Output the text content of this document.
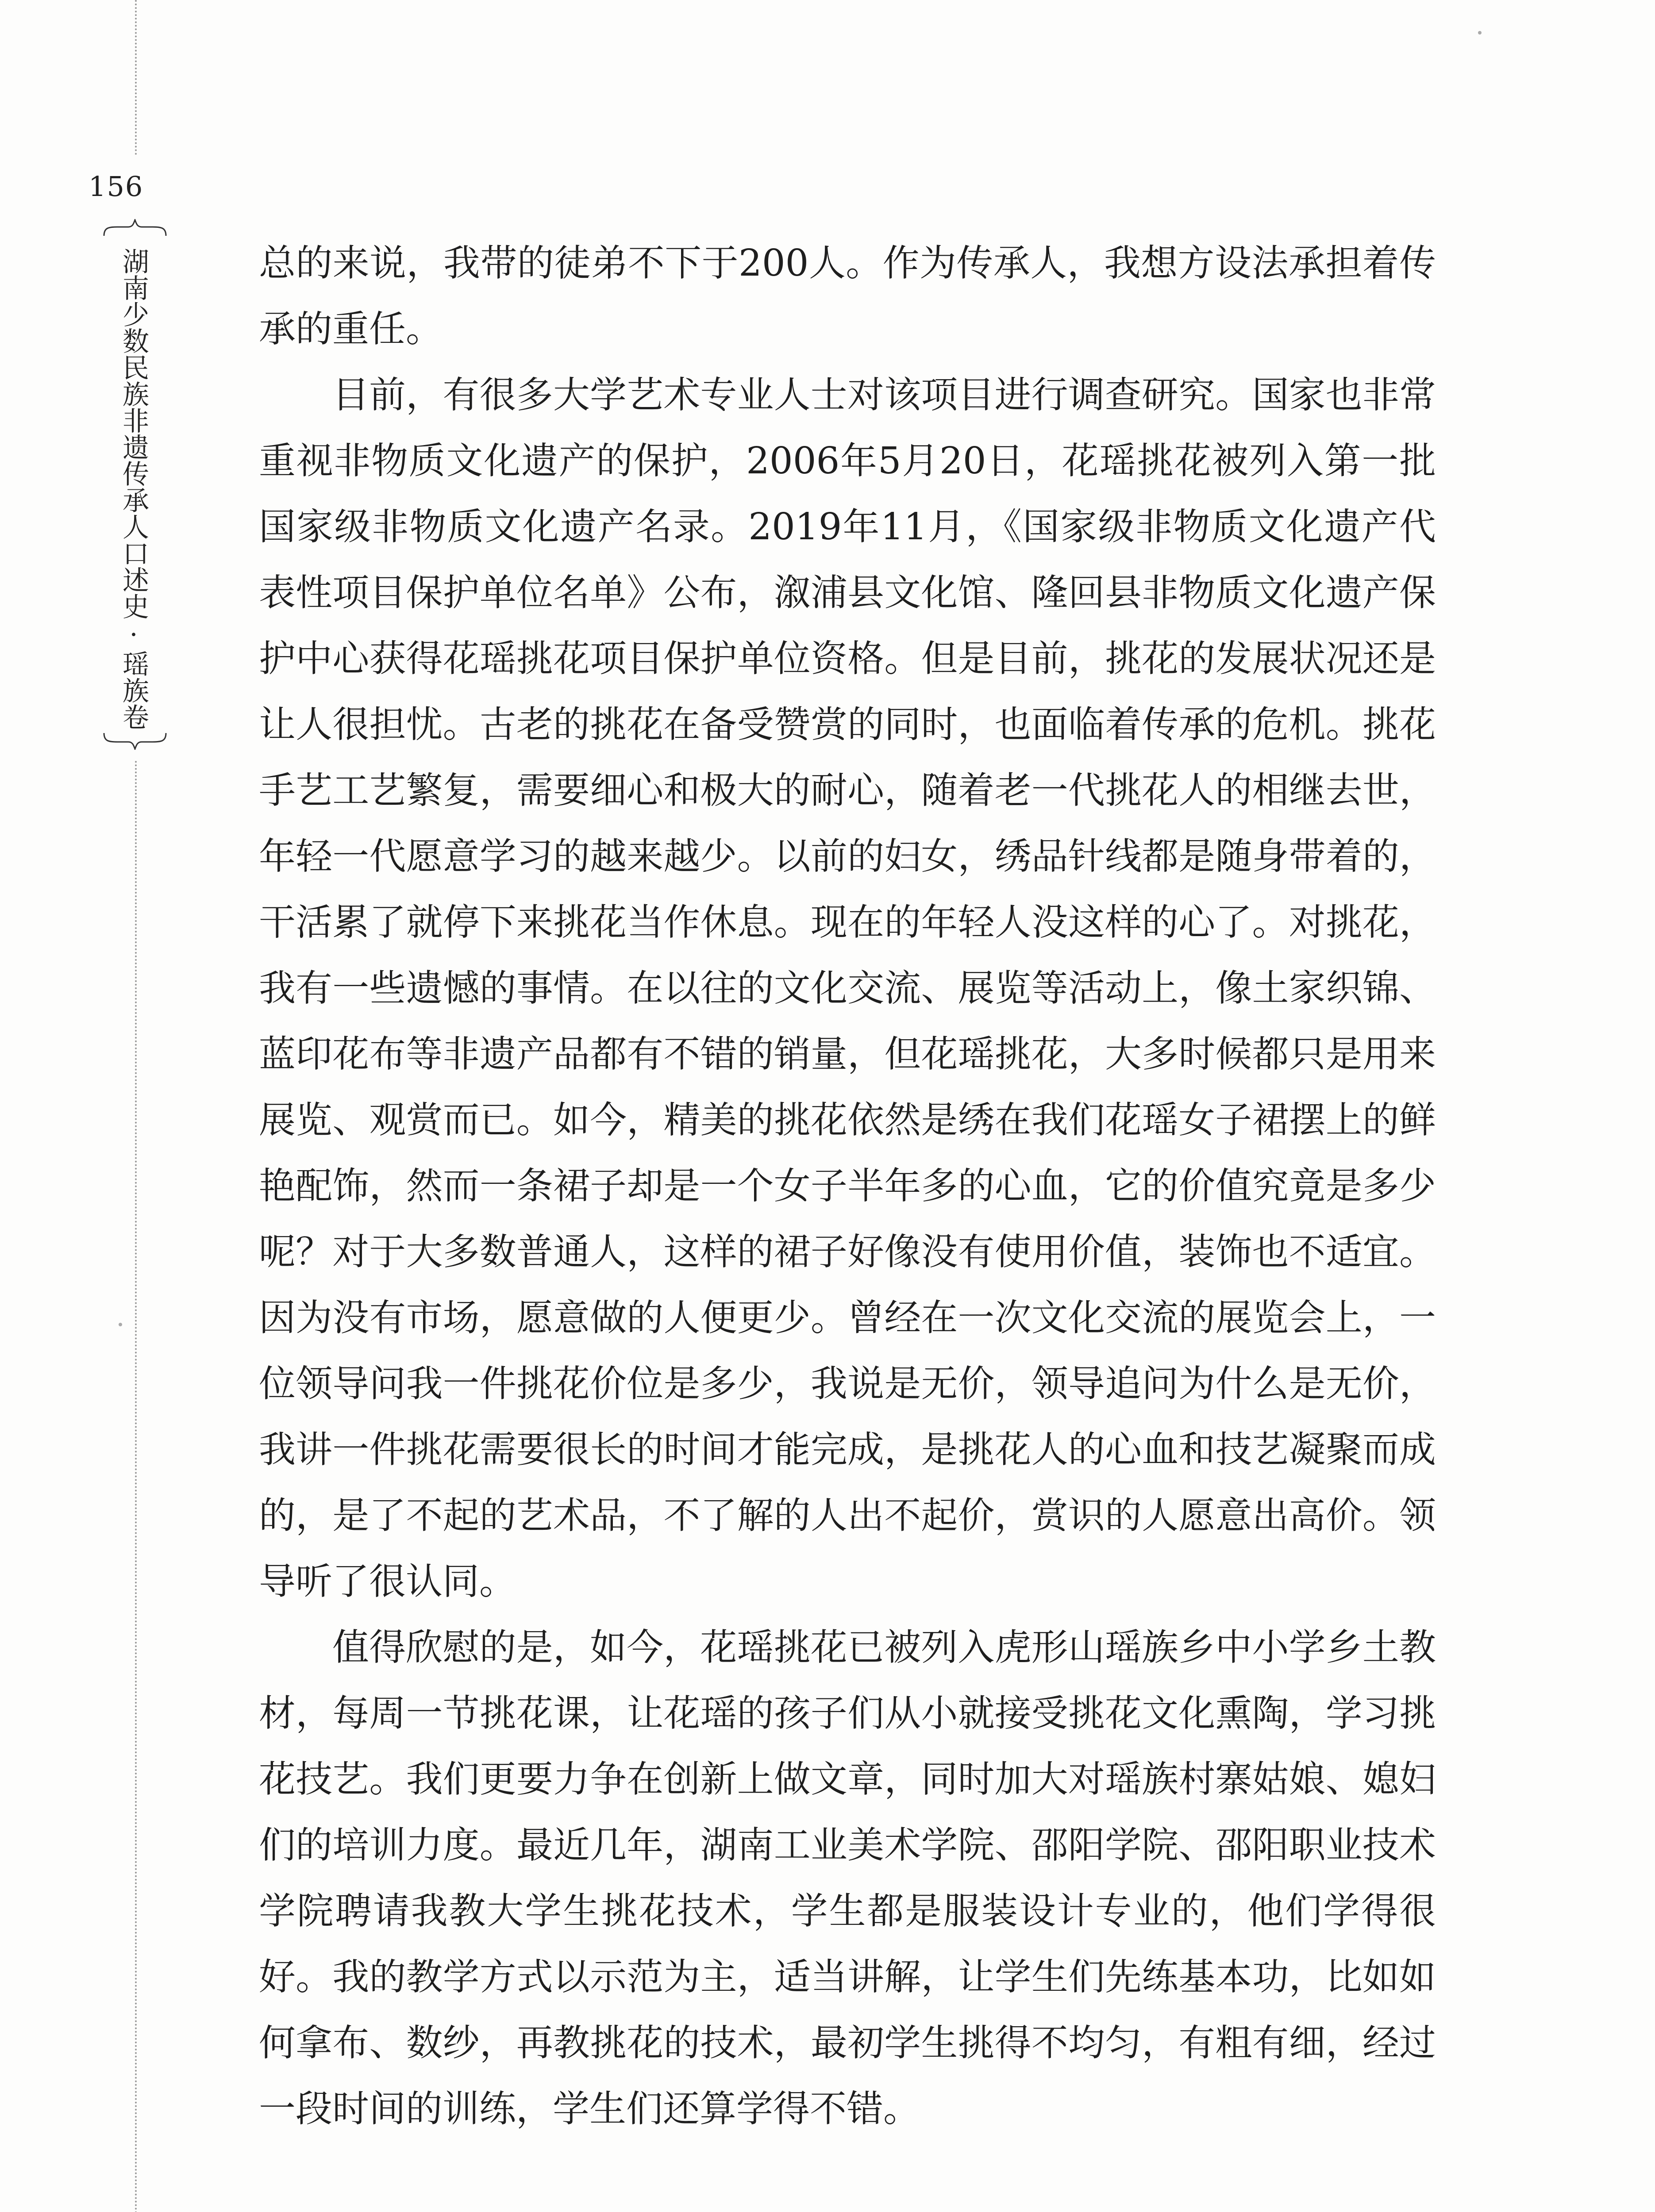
156
湖南少数民族非遗传承人口述史·瑶族卷	总的来说，我带的徒弟不下于200人。作为传承人，我想方设法承担着传承的重任。

目前，有很多大学艺术专业人士对该项目进行调查研究。国家也非常重视非物质文化遗产的保护，2006年5月20日，花瑶挑花被列入第一批国家级非物质文化遗产名录。2019年11月，《国家级非物质文化遗产代表性项目保护单位名单》公布，溆浦县文化馆、隆回县非物质文化遗产保护中心获得花瑶挑花项目保护单位资格。但是目前，挑花的发展状况还是让人很担忧。古老的挑花在备受赞赏的同时，也面临着传承的危机。挑花手艺工艺繁复，需要细心和极大的耐心，随着老一代挑花人的相继去世，年轻一代愿意学习的越来越少。以前的妇女，绣品针线都是随身带着的，干活累了就停下来挑花当作休息。现在的年轻人没这样的心了。对挑花，我有一些遗憾的事情。在以往的文化交流、展览等活动上，像土家织锦、蓝印花布等非遗产品都有不错的销量，但花瑶挑花，大多时候都只是用来展览、观赏而已。如今，精美的挑花依然是绣在我们花瑶女子裙摆上的鲜艳配饰，然而一条裙子却是一个女子半年多的心血，它的价值究竟是多少呢？对于大多数普通人，这样的裙子好像没有使用价值，装饰也不适宜。因为没有市场，愿意做的人便更少。曾经在一次文化交流的展览会上，一位领导问我一件挑花价位是多少，我说是无价，领导追问为什么是无价，我讲一件挑花需要很长的时间才能完成，是挑花人的心血和技艺凝聚而成的，是了不起的艺术品，不了解的人出不起价，赏识的人愿意出高价。领导听了很认同。

值得欣慰的是，如今，花瑶挑花已被列入虎形山瑶族乡中小学乡土教材，每周一节挑花课，让花瑶的孩子们从小就接受挑花文化熏陶，学习挑花技艺。我们更要力争在创新上做文章，同时加大对瑶族村寨姑娘、媳妇们的培训力度。最近几年，湖南工业美术学院、邵阳学院、邵阳职业技术学院聘请我教大学生挑花技术，学生都是服装设计专业的，他们学得很好。我的教学方式以示范为主，适当讲解，让学生们先练基本功，比如如何拿布、数纱，再教挑花的技术，最初学生挑得不均匀，有粗有细，经过一段时间的训练，学生们还算学得不错。
